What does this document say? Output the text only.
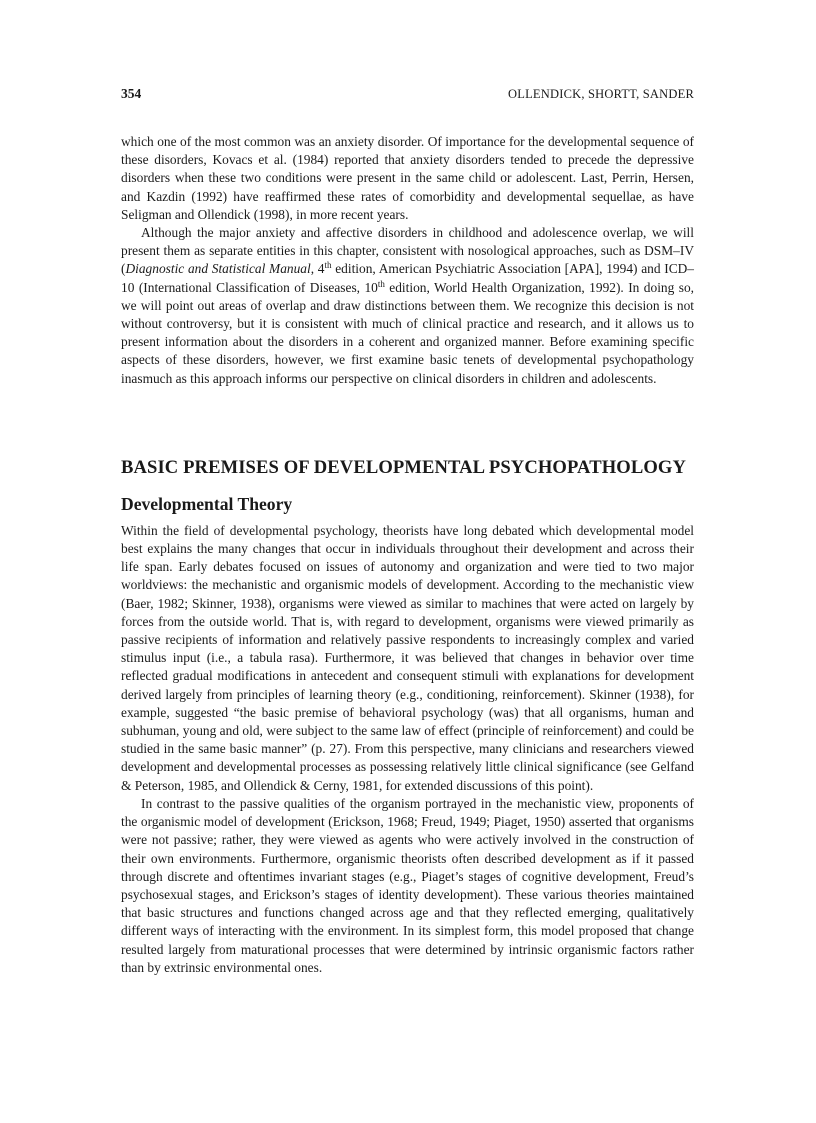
354	OLLENDICK, SHORTT, SANDER

which one of the most common was an anxiety disorder. Of importance for the developmental sequence of these disorders, Kovacs et al. (1984) reported that anxiety disorders tended to precede the depressive disorders when these two conditions were present in the same child or adolescent. Last, Perrin, Hersen, and Kazdin (1992) have reaffirmed these rates of comorbidity and developmental sequellae, as have Seligman and Ollendick (1998), in more recent years.

Although the major anxiety and affective disorders in childhood and adolescence overlap, we will present them as separate entities in this chapter, consistent with nosological approaches, such as DSM–IV (Diagnostic and Statistical Manual, 4th edition, American Psychiatric Association [APA], 1994) and ICD–10 (International Classification of Diseases, 10th edition, World Health Organization, 1992). In doing so, we will point out areas of overlap and draw distinctions between them. We recognize this decision is not without controversy, but it is consistent with much of clinical practice and research, and it allows us to present information about the disorders in a coherent and organized manner. Before examining specific aspects of these disorders, however, we first examine basic tenets of developmental psychopathology inasmuch as this approach informs our perspective on clinical disorders in children and adolescents.

BASIC PREMISES OF DEVELOPMENTAL PSYCHOPATHOLOGY
Developmental Theory

Within the field of developmental psychology, theorists have long debated which developmental model best explains the many changes that occur in individuals throughout their development and across their life span. Early debates focused on issues of autonomy and organization and were tied to two major worldviews: the mechanistic and organismic models of development. According to the mechanistic view (Baer, 1982; Skinner, 1938), organisms were viewed as similar to machines that were acted on largely by forces from the outside world. That is, with regard to development, organisms were viewed primarily as passive recipients of information and relatively passive respondents to increasingly complex and varied stimulus input (i.e., a tabula rasa). Furthermore, it was believed that changes in behavior over time reflected gradual modifications in antecedent and consequent stimuli with explanations for development derived largely from principles of learning theory (e.g., conditioning, reinforcement). Skinner (1938), for example, suggested “the basic premise of behavioral psychology (was) that all organisms, human and subhuman, young and old, were subject to the same law of effect (principle of reinforcement) and could be studied in the same basic manner” (p. 27). From this perspective, many clinicians and researchers viewed development and developmental processes as possessing relatively little clinical significance (see Gelfand & Peterson, 1985, and Ollendick & Cerny, 1981, for extended discussions of this point).

In contrast to the passive qualities of the organism portrayed in the mechanistic view, proponents of the organismic model of development (Erickson, 1968; Freud, 1949; Piaget, 1950) asserted that organisms were not passive; rather, they were viewed as agents who were actively involved in the construction of their own environments. Furthermore, organismic theorists often described development as if it passed through discrete and oftentimes invariant stages (e.g., Piaget’s stages of cognitive development, Freud’s psychosexual stages, and Erickson’s stages of identity development). These various theories maintained that basic structures and functions changed across age and that they reflected emerging, qualitatively different ways of interacting with the environment. In its simplest form, this model proposed that change resulted largely from maturational processes that were determined by intrinsic organismic factors rather than by extrinsic environmental ones.
